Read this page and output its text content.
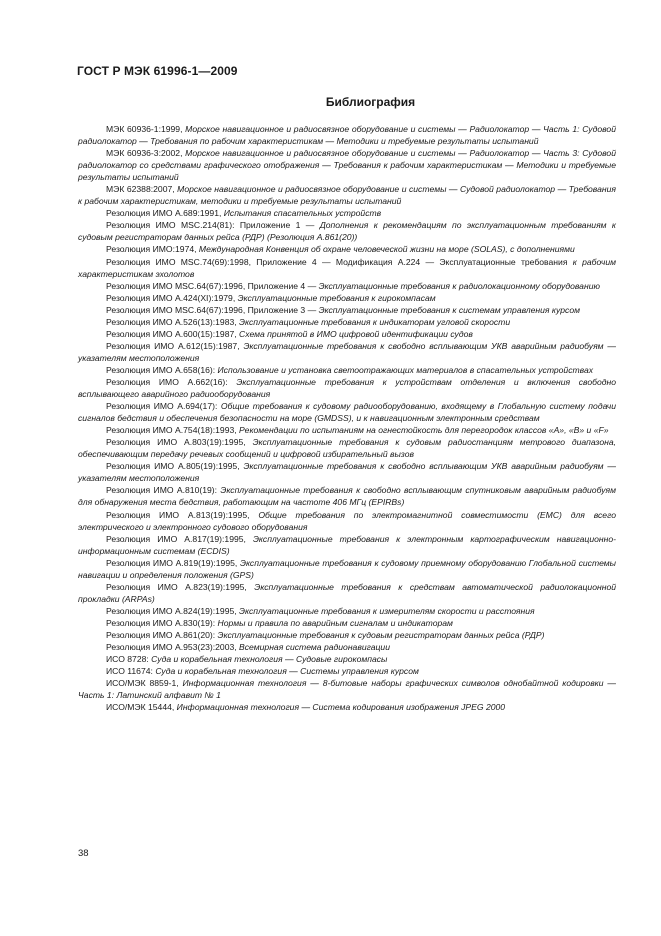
ГОСТ Р МЭК 61996-1—2009
Библиография

МЭК 60936-1:1999, Морское навигационное и радиосвязное оборудование и системы — Радиолокатор — Часть 1: Судовой радиолокатор — Требования по рабочим характеристикам — Методики и требуемые результаты испытаний

МЭК 60936-3:2002, Морское навигационное и радиосвязное оборудование и системы — Радиолокатор — Часть 3: Судовой радиолокатор со средствами графического отображения — Требования к рабочим характеристикам — Методики и требуемые результаты испытаний

МЭК 62388:2007, Морское навигационное и радиосвязное оборудование и системы — Судовой радиолокатор — Требования к рабочим характеристикам, методики и требуемые результаты испытаний

Резолюция ИМО A.689:1991, Испытания спасательных устройств

Резолюция ИМО MSC.214(81): Приложение 1 — Дополнения к рекомендациям по эксплуатационным требованиям к судовым регистраторам данных рейса (РДР) (Резолюция A.861(20))

Резолюция ИМО:1974, Международная Конвенция об охране человеческой жизни на море (SOLAS), с дополнениями

Резолюция ИМО MSC.74(69):1998, Приложение 4 — Модификация A.224 — Эксплуатационные требования к рабочим характеристикам эхолотов

Резолюция ИМО MSC.64(67):1996, Приложение 4 — Эксплуатационные требования к радиолокационному оборудованию

Резолюция ИМО A.424(XI):1979, Эксплуатационные требования к гирокомпасам

Резолюция ИМО MSC.64(67):1996, Приложение 3 — Эксплуатационные требования к системам управления курсом

Резолюция ИМО A.526(13):1983, Эксплуатационные требования к индикаторам угловой скорости

Резолюция ИМО A.600(15):1987, Схема принятой в ИМО цифровой идентификации судов

Резолюция ИМО A.612(15):1987, Эксплуатационные требования к свободно всплывающим УКВ аварийным радиобуям — указателям местоположения

Резолюция ИМО A.658(16): Использование и установка светоотражающих материалов в спасательных устройствах

Резолюция ИМО A.662(16): Эксплуатационные требования к устройствам отделения и включения свободно всплывающего аварийного радиооборудования

Резолюция ИМО A.694(17): Общие требования к судовому радиооборудованию, входящему в Глобальную систему подачи сигналов бедствия и обеспечения безопасности на море (GMDSS), и к навигационным электронным средствам

Резолюция ИМО A.754(18):1993, Рекомендации по испытаниям на огнестойкость для перегородок классов «A», «B» и «F»

Резолюция ИМО A.803(19):1995, Эксплуатационные требования к судовым радиостанциям метрового диапазона, обеспечивающим передачу речевых сообщений и цифровой избирательный вызов

Резолюция ИМО A.805(19):1995, Эксплуатационные требования к свободно всплывающим УКВ аварийным радиобуям — указателям местоположения

Резолюция ИМО A.810(19): Эксплуатационные требования к свободно всплывающим спутниковым аварийным радиобуям для обнаружения места бедствия, работающим на частоте 406 МГц (EPIRBs)

Резолюция ИМО A.813(19):1995, Общие требования по электромагнитной совместимости (EMC) для всего электрического и электронного судового оборудования

Резолюция ИМО A.817(19):1995, Эксплуатационные требования к электронным картографическим навигационно-информационным системам (ECDIS)

Резолюция ИМО A.819(19):1995, Эксплуатационные требования к судовому приемному оборудованию Глобальной системы навигации и определения положения (GPS)

Резолюция ИМО A.823(19):1995, Эксплуатационные требования к средствам автоматической радиолокационной прокладки (ARPAs)

Резолюция ИМО A.824(19):1995, Эксплуатационные требования к измерителям скорости и расстояния

Резолюция ИМО A.830(19): Нормы и правила по аварийным сигналам и индикаторам

Резолюция ИМО A.861(20): Эксплуатационные требования к судовым регистраторам данных рейса (РДР)

Резолюция ИМО A.953(23):2003, Всемирная система радионавигации

ИСО 8728: Суда и корабельная технология — Судовые гирокомпасы

ИСО 11674: Суда и корабельная технология — Системы управления курсом

ИСО/МЭК 8859-1, Информационная технология — 8-битовые наборы графических символов однобайтной кодировки — Часть 1: Латинский алфавит № 1

ИСО/МЭК 15444, Информационная технология — Система кодирования изображения JPEG 2000

38
